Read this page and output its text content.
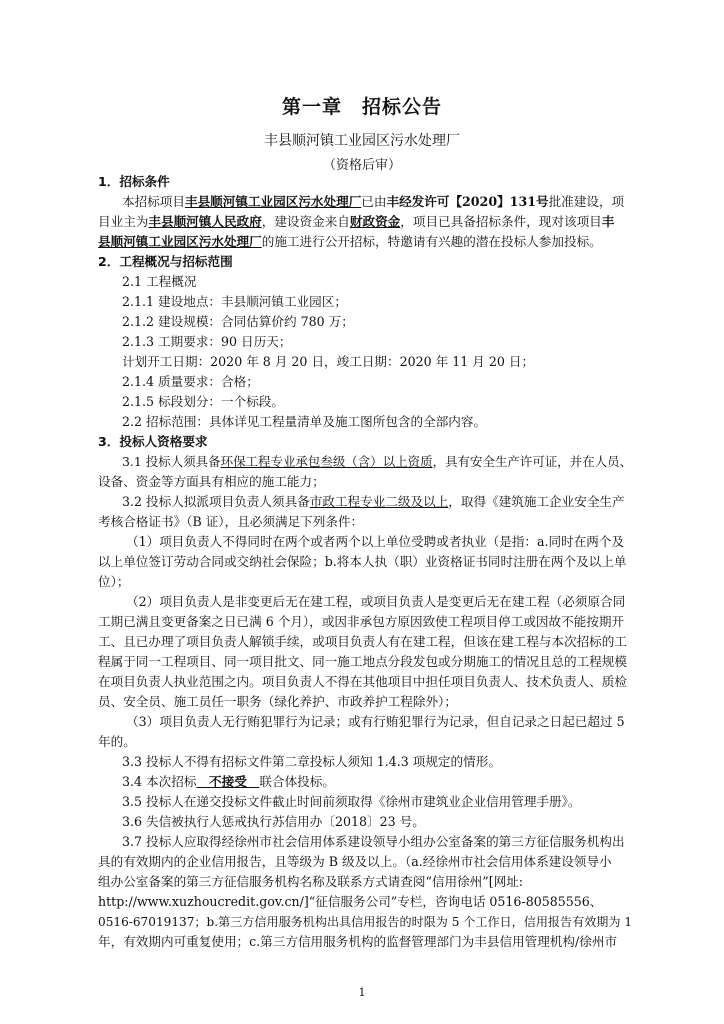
第一章　招标公告
丰县顺河镇工业园区污水处理厂
（资格后审）
1．招标条件
本招标项目丰县顺河镇工业园区污水处理厂已由丰经发许可【2020】131号批准建设，项
目业主为丰县顺河镇人民政府，建设资金来自财政资金，项目已具备招标条件，现对该项目丰
县顺河镇工业园区污水处理厂的施工进行公开招标，特邀请有兴趣的潜在投标人参加投标。
2．工程概况与招标范围
2.1 工程概况
2.1.1 建设地点：丰县顺河镇工业园区；
2.1.2 建设规模：合同估算价约 780 万；
2.1.3 工期要求：90 日历天；
计划开工日期：2020 年 8 月 20 日，竣工日期：2020 年 11 月 20 日；
2.1.4 质量要求：合格；
2.1.5 标段划分：一个标段。
2.2 招标范围：具体详见工程量清单及施工图所包含的全部内容。
3．投标人资格要求
3.1 投标人须具备环保工程专业承包叁级（含）以上资质，具有安全生产许可证，并在人员、
设备、资金等方面具有相应的施工能力；
3.2 投标人拟派项目负责人须具备市政工程专业二级及以上，取得《建筑施工企业安全生产
考核合格证书》（B 证），且必须满足下列条件：
（1）项目负责人不得同时在两个或者两个以上单位受聘或者执业（是指：a.同时在两个及
以上单位签订劳动合同或交纳社会保险；b.将本人执（职）业资格证书同时注册在两个及以上单
位）；
（2）项目负责人是非变更后无在建工程，或项目负责人是变更后无在建工程（必须原合同
工期已满且变更备案之日已满 6 个月），或因非承包方原因致使工程项目停工或因故不能按期开
工、且已办理了项目负责人解锁手续，或项目负责人有在建工程，但该在建工程与本次招标的工
程属于同一工程项目、同一项目批文、同一施工地点分段发包或分期施工的情况且总的工程规模
在项目负责人执业范围之内。项目负责人不得在其他项目中担任项目负责人、技术负责人、质检
员、安全员、施工员任一职务（绿化养护、市政养护工程除外）；
（3）项目负责人无行贿犯罪行为记录；或有行贿犯罪行为记录，但自记录之日起已超过 5
年的。
3.3 投标人不得有招标文件第二章投标人须知 1.4.3 项规定的情形。
3.4 本次招标　不接受　联合体投标。
3.5 投标人在递交投标文件截止时间前须取得《徐州市建筑业企业信用管理手册》。
3.6 失信被执行人惩戒执行苏信用办〔2018〕23 号。
3.7 投标人应取得经徐州市社会信用体系建设领导小组办公室备案的第三方征信服务机构出
具的有效期内的企业信用报告，且等级为 B 级及以上。（a.经徐州市社会信用体系建设领导小
组办公室备案的第三方征信服务机构名称及联系方式请查阅“信用徐州”[网址:
http://www.xuzhoucredit.gov.cn/]“征信服务公司”专栏，咨询电话 0516-80585556、
0516-67019137；b.第三方信用服务机构出具信用报告的时限为 5 个工作日，信用报告有效期为 1
年，有效期内可重复使用；c.第三方信用服务机构的监督管理部门为丰县信用管理机构/徐州市
1
